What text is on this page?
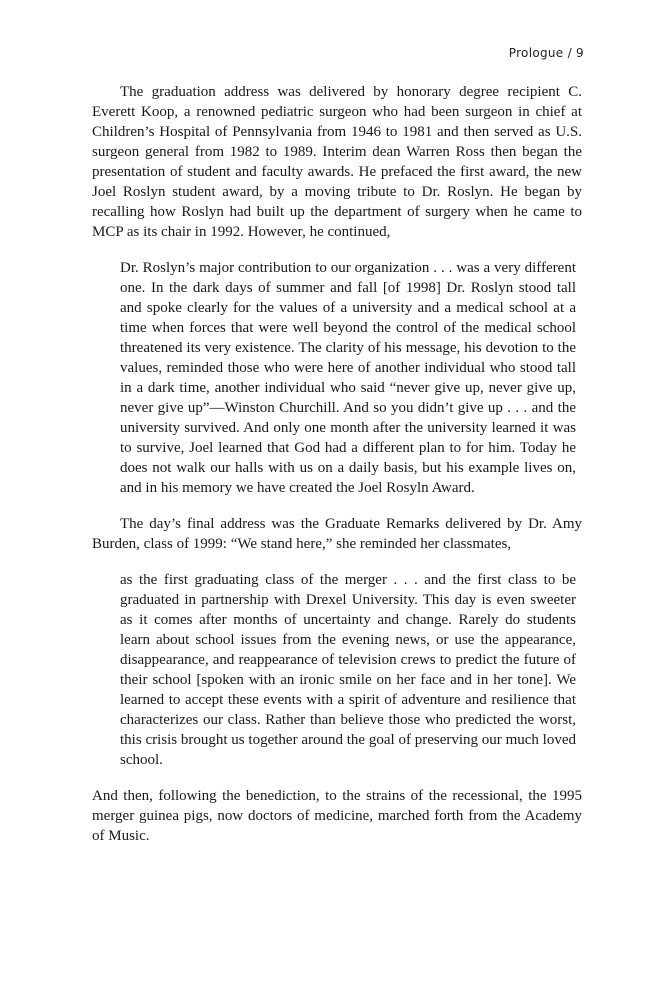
Prologue / 9

The graduation address was delivered by honorary degree recipient C. Everett Koop, a renowned pediatric surgeon who had been surgeon in chief at Children’s Hospital of Pennsylvania from 1946 to 1981 and then served as U.S. surgeon general from 1982 to 1989. Interim dean Warren Ross then began the presentation of student and faculty awards. He prefaced the first award, the new Joel Roslyn student award, by a moving tribute to Dr. Roslyn. He began by recalling how Roslyn had built up the department of surgery when he came to MCP as its chair in 1992. However, he continued,

Dr. Roslyn’s major contribution to our organization . . . was a very different one. In the dark days of summer and fall [of 1998] Dr. Roslyn stood tall and spoke clearly for the values of a university and a medical school at a time when forces that were well beyond the control of the medical school threatened its very existence. The clarity of his message, his devotion to the values, reminded those who were here of another individual who stood tall in a dark time, another individual who said “never give up, never give up, never give up”—Winston Churchill. And so you didn’t give up . . . and the university survived. And only one month after the university learned it was to survive, Joel learned that God had a different plan to for him. Today he does not walk our halls with us on a daily basis, but his example lives on, and in his memory we have created the Joel Rosyln Award.

The day’s final address was the Graduate Remarks delivered by Dr. Amy Burden, class of 1999: “We stand here,” she reminded her classmates,

as the first graduating class of the merger . . . and the first class to be graduated in partnership with Drexel University. This day is even sweeter as it comes after months of uncertainty and change. Rarely do students learn about school issues from the evening news, or use the appearance, disappearance, and reappearance of television crews to predict the future of their school [spoken with an ironic smile on her face and in her tone]. We learned to accept these events with a spirit of adventure and resilience that characterizes our class. Rather than believe those who predicted the worst, this crisis brought us together around the goal of preserving our much loved school.

And then, following the benediction, to the strains of the recessional, the 1995 merger guinea pigs, now doctors of medicine, marched forth from the Academy of Music.
